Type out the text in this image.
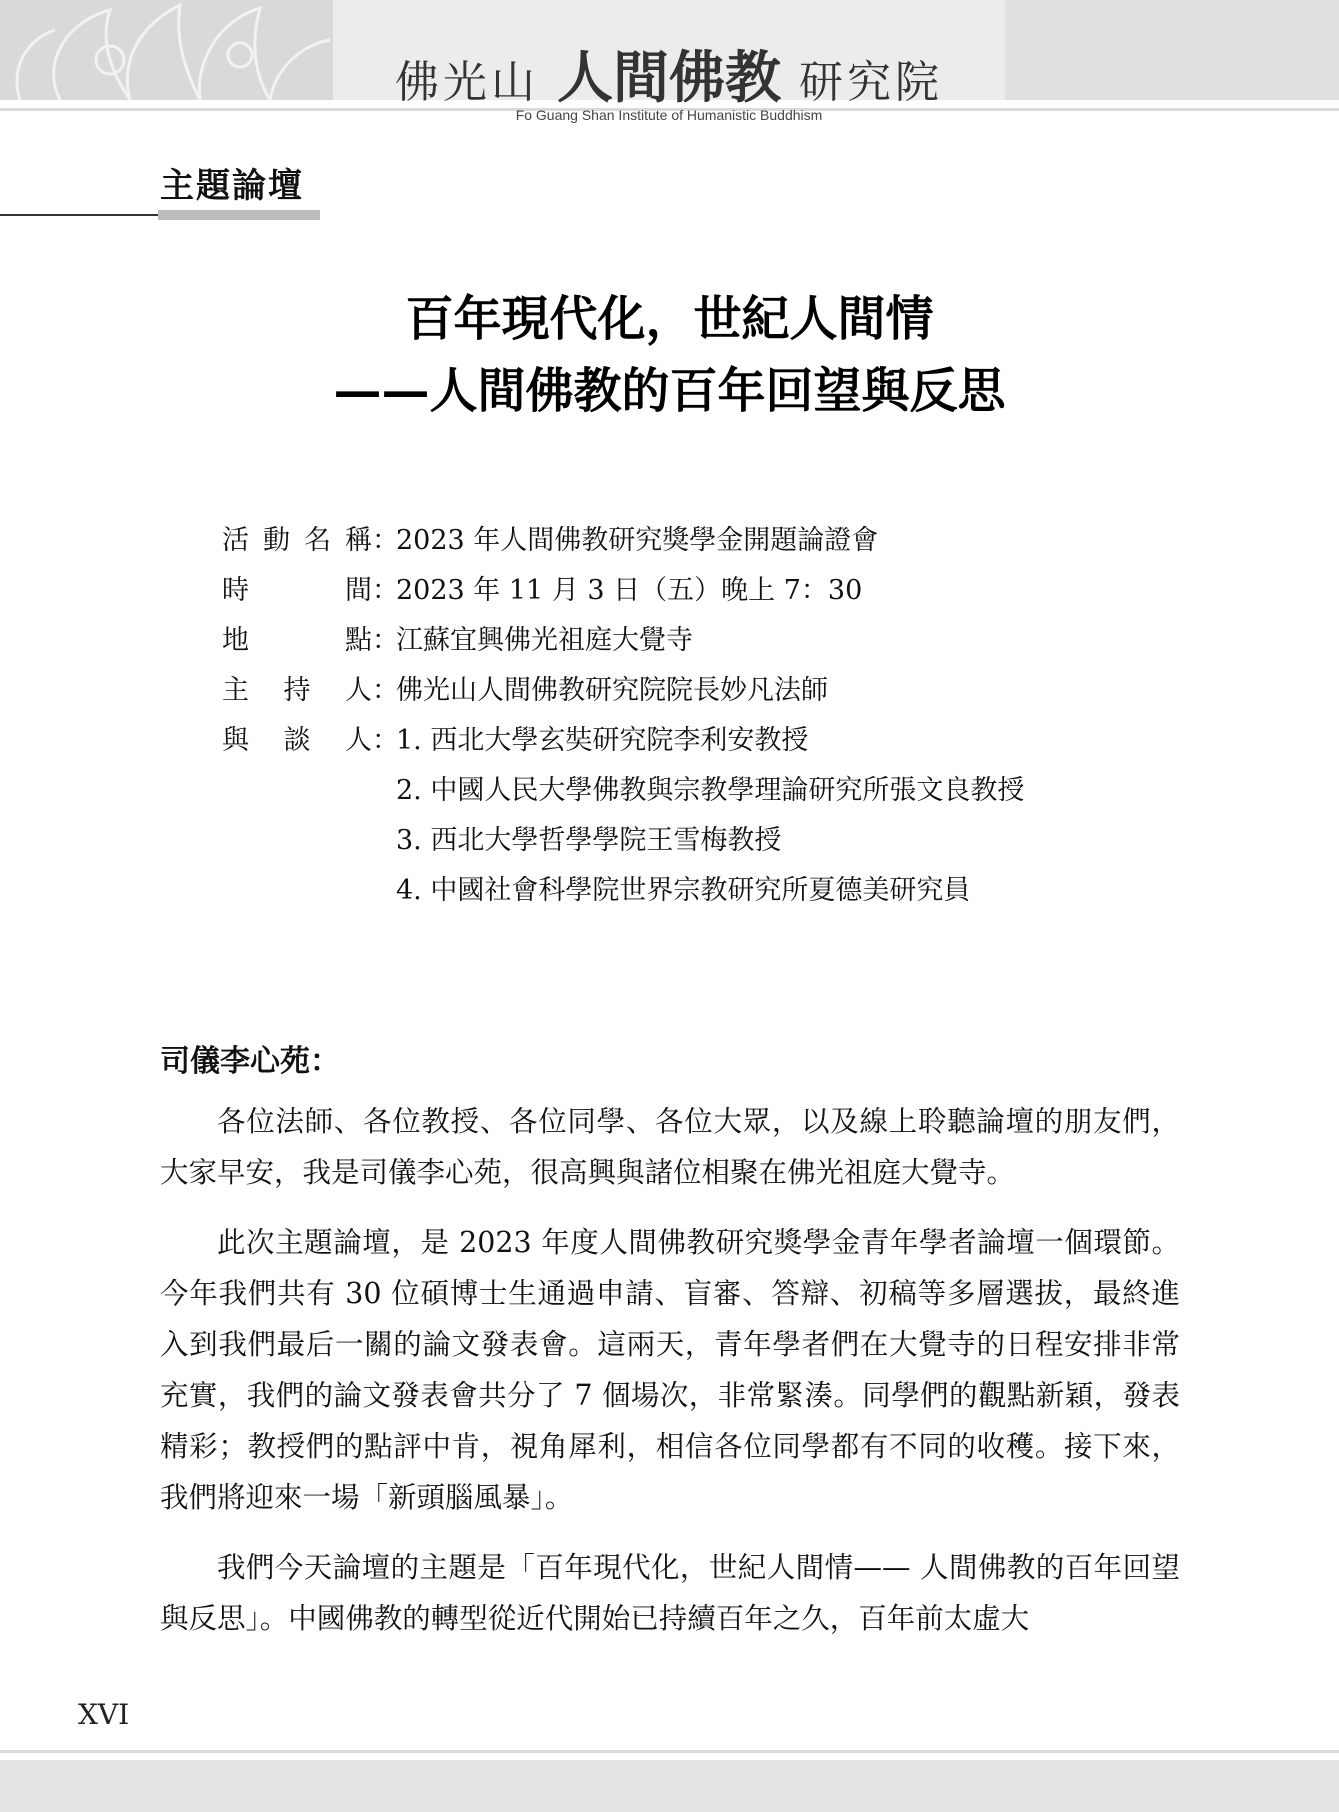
佛光山 人間佛教 研究院
Fo Guang Shan Institute of Humanistic Buddhism
主題論壇
百年現代化，世紀人間情
——人間佛教的百年回望與反思
活 動 名 稱 ：
2023 年人間佛教研究獎學金開題論證會
時	間 ：
2023 年 11 月 3 日（五）晚上 7：30
地	點 ：
江蘇宜興佛光祖庭大覺寺
主 持 人 ：
佛光山人間佛教研究院院長妙凡法師
與 談 人 ：
1. 西北大學玄奘研究院李利安教授
2. 中國人民大學佛教與宗教學理論研究所張文良教授
3. 西北大學哲學學院王雪梅教授
4. 中國社會科學院世界宗教研究所夏德美研究員
司儀李心苑：

各位法師、各位教授、各位同學、各位大眾，以及線上聆聽論壇的朋友們，大家早安，我是司儀李心苑，很高興與諸位相聚在佛光祖庭大覺寺。

此次主題論壇，是 2023 年度人間佛教研究獎學金青年學者論壇一個環節。今年我們共有 30 位碩博士生通過申請、盲審、答辯、初稿等多層選拔，最終進入到我們最后一關的論文發表會。這兩天，青年學者們在大覺寺的日程安排非常充實，我們的論文發表會共分了 7 個場次，非常緊湊。同學們的觀點新穎，發表精彩；教授們的點評中肯，視角犀利，相信各位同學都有不同的收穫。接下來，我們將迎來一場「新頭腦風暴」。

我們今天論壇的主題是「百年現代化，世紀人間情—— 人間佛教的百年回望與反思」。中國佛教的轉型從近代開始已持續百年之久，百年前太虛大

XVI
